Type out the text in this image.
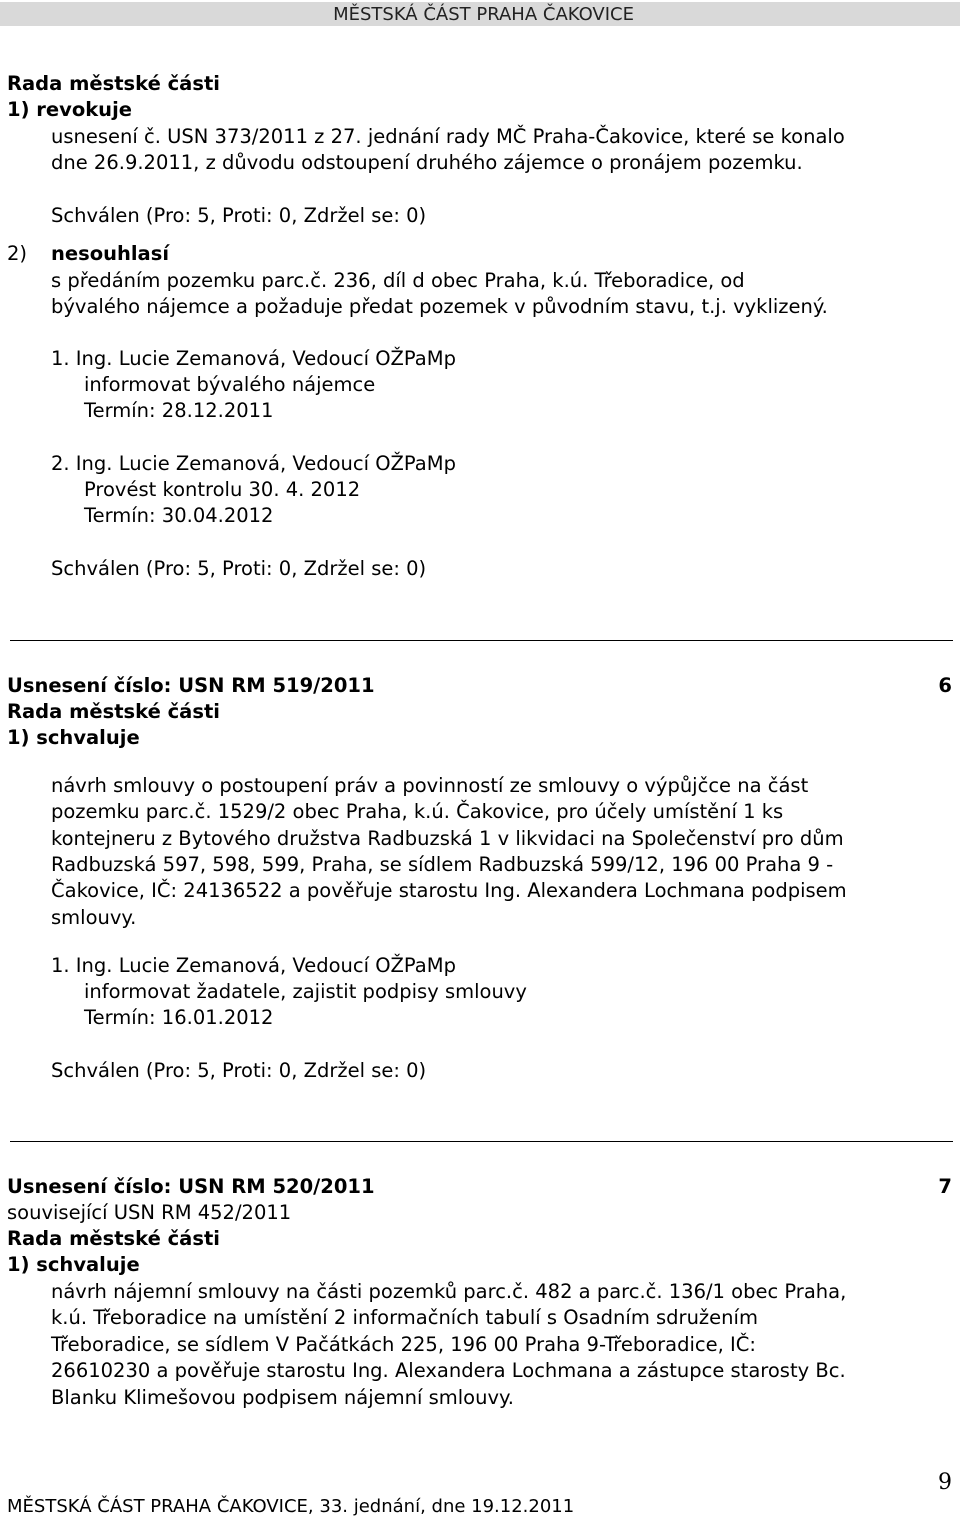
MĚSTSKÁ ČÁST PRAHA ČAKOVICE
Rada městské části
1) revokuje
usnesení č. USN 373/2011 z 27. jednání rady MČ Praha-Čakovice, které se konalo
dne 26.9.2011, z důvodu odstoupení druhého zájemce o pronájem pozemku.
Schválen (Pro: 5, Proti: 0, Zdržel se: 0)
2) nesouhlasí
s předáním pozemku parc.č. 236, díl d obec Praha, k.ú. Třeboradice, od
bývalého nájemce a požaduje předat pozemek v původním stavu, t.j. vyklizený.
1. Ing. Lucie Zemanová, Vedoucí OŽPaMp
informovat bývalého nájemce
Termín: 28.12.2011
2. Ing. Lucie Zemanová, Vedoucí OŽPaMp
Provést kontrolu 30. 4. 2012
Termín: 30.04.2012
Schválen (Pro: 5, Proti: 0, Zdržel se: 0)
Usnesení číslo: USN RM 519/2011	6
Rada městské části
1) schvaluje
návrh smlouvy o postoupení práv a povinností ze smlouvy o výpůjčce na část
pozemku parc.č. 1529/2 obec Praha, k.ú. Čakovice, pro účely umístění 1 ks
kontejneru z Bytového družstva Radbuzská 1 v likvidaci na Společenství pro dům
Radbuzská 597, 598, 599, Praha, se sídlem Radbuzská 599/12, 196 00 Praha 9 -
Čakovice, IČ: 24136522 a pověřuje starostu Ing. Alexandera Lochmana podpisem
smlouvy.
1. Ing. Lucie Zemanová, Vedoucí OŽPaMp
informovat žadatele, zajistit podpisy smlouvy
Termín: 16.01.2012
Schválen (Pro: 5, Proti: 0, Zdržel se: 0)
Usnesení číslo: USN RM 520/2011	7
související USN RM 452/2011
Rada městské části
1) schvaluje
návrh nájemní smlouvy na části pozemků parc.č. 482 a parc.č. 136/1 obec Praha,
k.ú. Třeboradice na umístění 2 informačních tabulí s Osadním sdružením
Třeboradice, se sídlem V Pačátkách 225, 196 00 Praha 9-Třeboradice, IČ:
26610230 a pověřuje starostu Ing. Alexandera Lochmana a zástupce starosty Bc.
Blanku Klimešovou podpisem nájemní smlouvy.
9
MĚSTSKÁ ČÁST PRAHA ČAKOVICE, 33. jednání, dne 19.12.2011
